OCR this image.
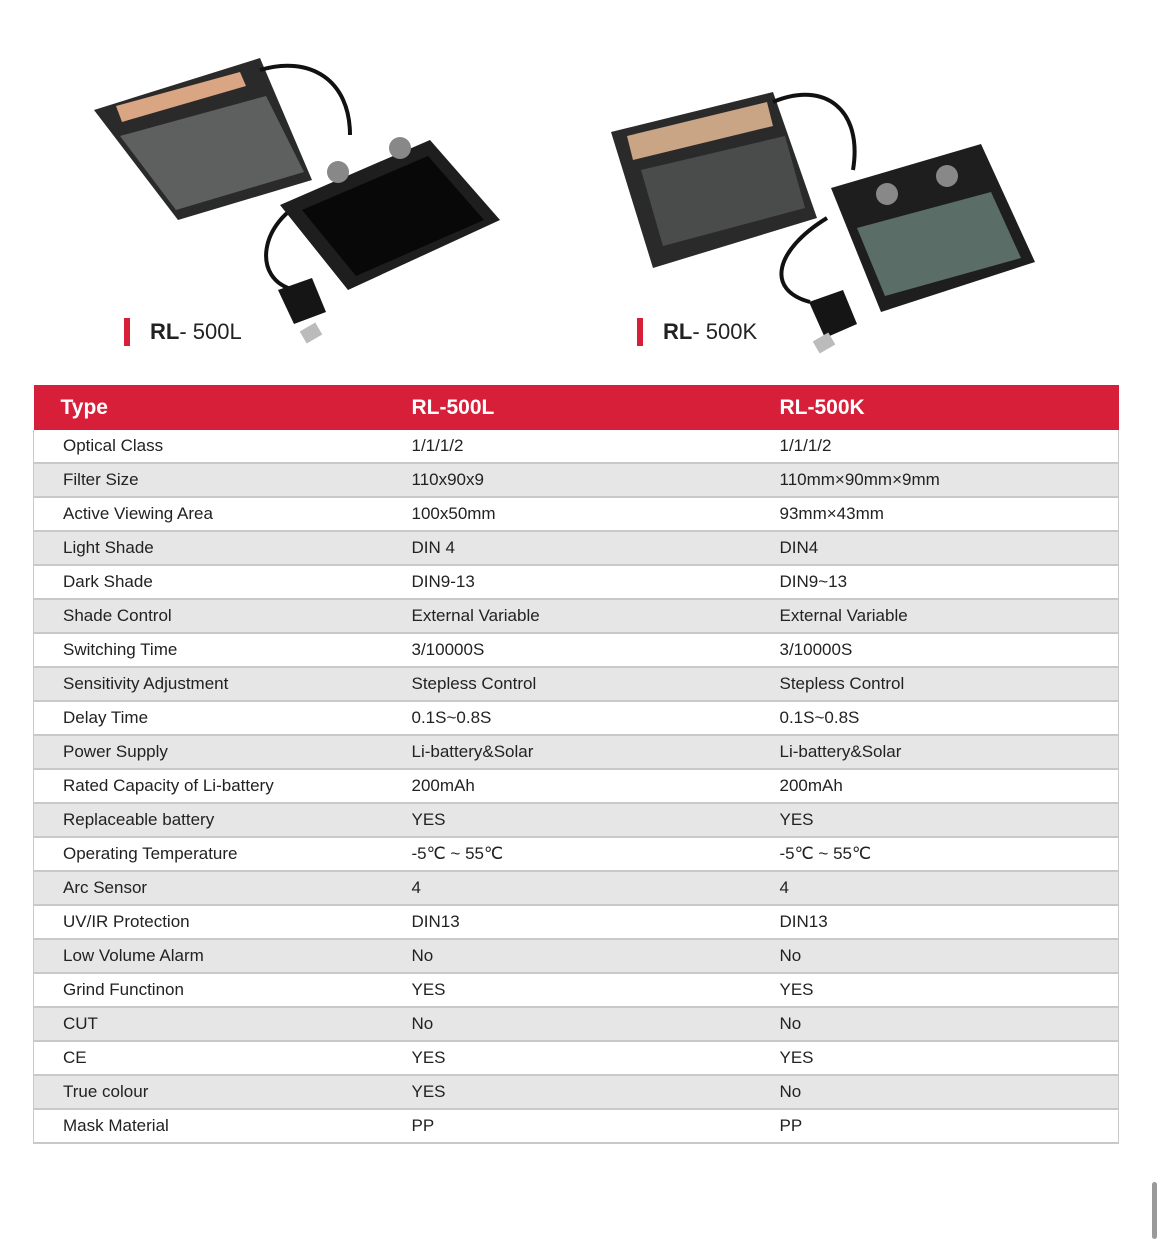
RL - 500L	RL - 500K
Type	RL-500L	RL-500K
Optical Class	1/1/1/2	1/1/1/2
Filter Size	110x90x9	110mm×90mm×9mm
Active Viewing Area	100x50mm	93mm×43mm
Light Shade	DIN 4	DIN4
Dark Shade	DIN9-13	DIN9~13
Shade Control	External Variable	External Variable
Switching Time	3/10000S	3/10000S
Sensitivity Adjustment	Stepless Control	Stepless Control
Delay Time	0.1S~0.8S	0.1S~0.8S
Power Supply	Li-battery&Solar	Li-battery&Solar
Rated Capacity of Li-battery	200mAh	200mAh
Replaceable battery	YES	YES
Operating Temperature	-5℃ ~ 55℃	-5℃ ~ 55℃
Arc Sensor	4	4
UV/IR Protection	DIN13	DIN13
Low Volume Alarm	No	No
Grind Functinon	YES	YES
CUT	No	No
CE	YES	YES
True colour	YES	No
Mask Material	PP	PP
